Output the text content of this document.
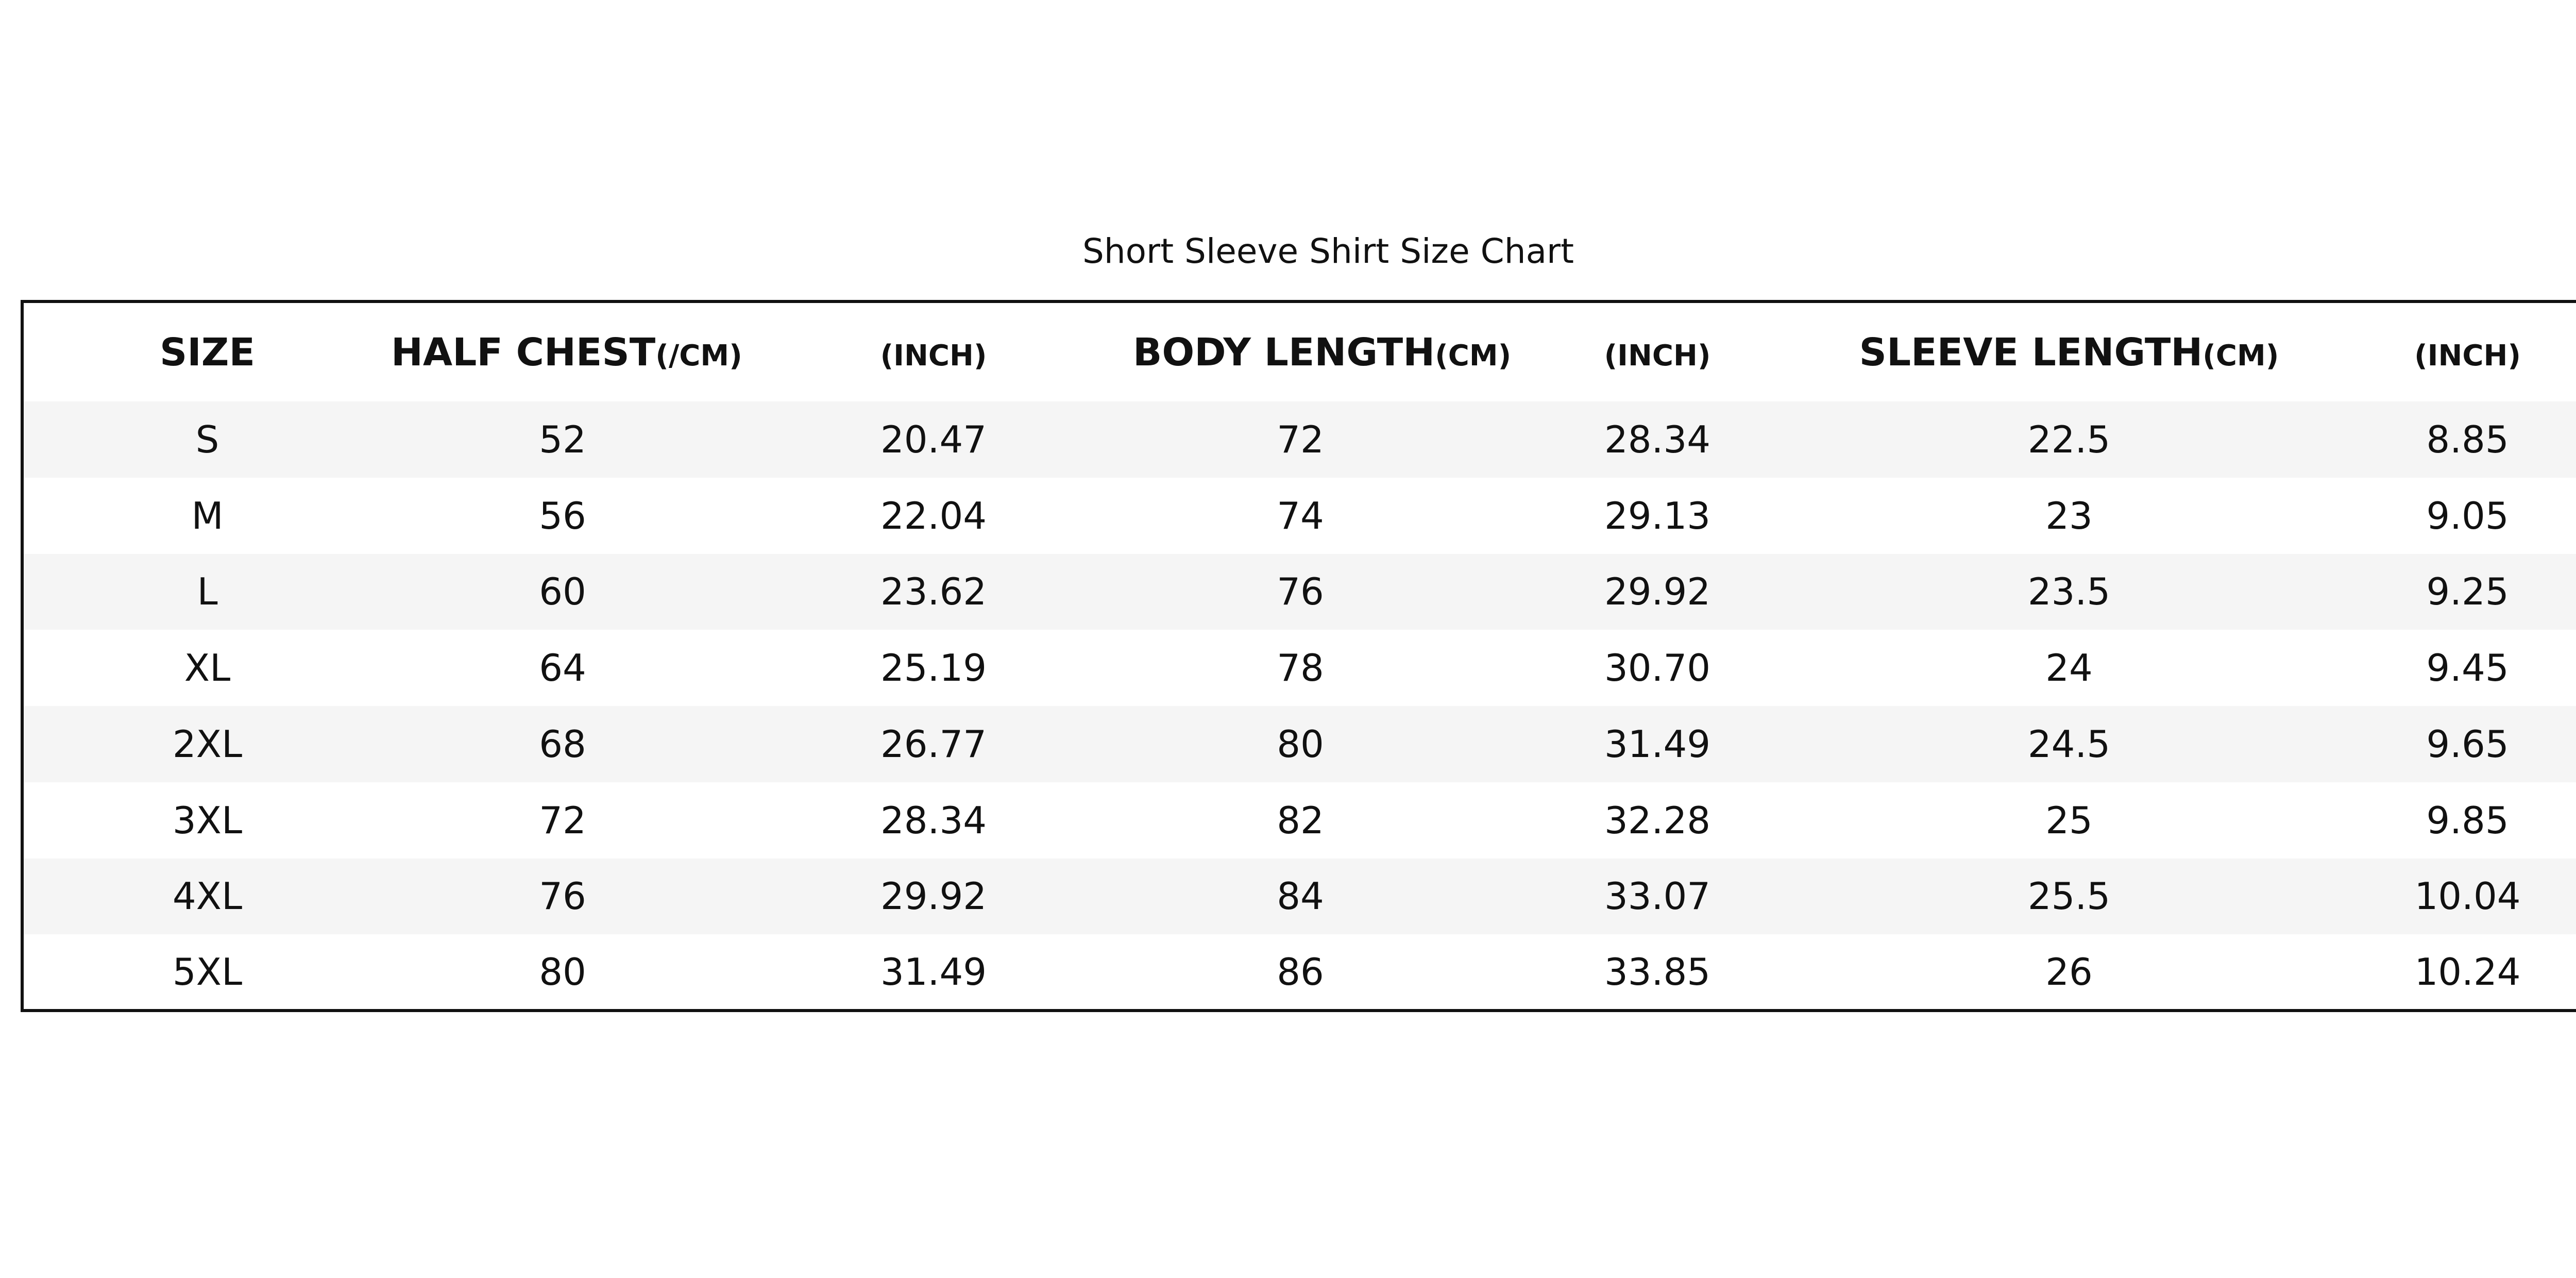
Short Sleeve Shirt Size Chart
SIZE	HALF CHEST(/CM)	(INCH)	BODY LENGTH(CM)	(INCH)	SLEEVE LENGTH(CM)	(INCH)
S	52	20.47	72	28.34	22.5	8.85
M	56	22.04	74	29.13	23	9.05
L	60	23.62	76	29.92	23.5	9.25
XL	64	25.19	78	30.70	24	9.45
2XL	68	26.77	80	31.49	24.5	9.65
3XL	72	28.34	82	32.28	25	9.85
4XL	76	29.92	84	33.07	25.5	10.04
5XL	80	31.49	86	33.85	26	10.24
